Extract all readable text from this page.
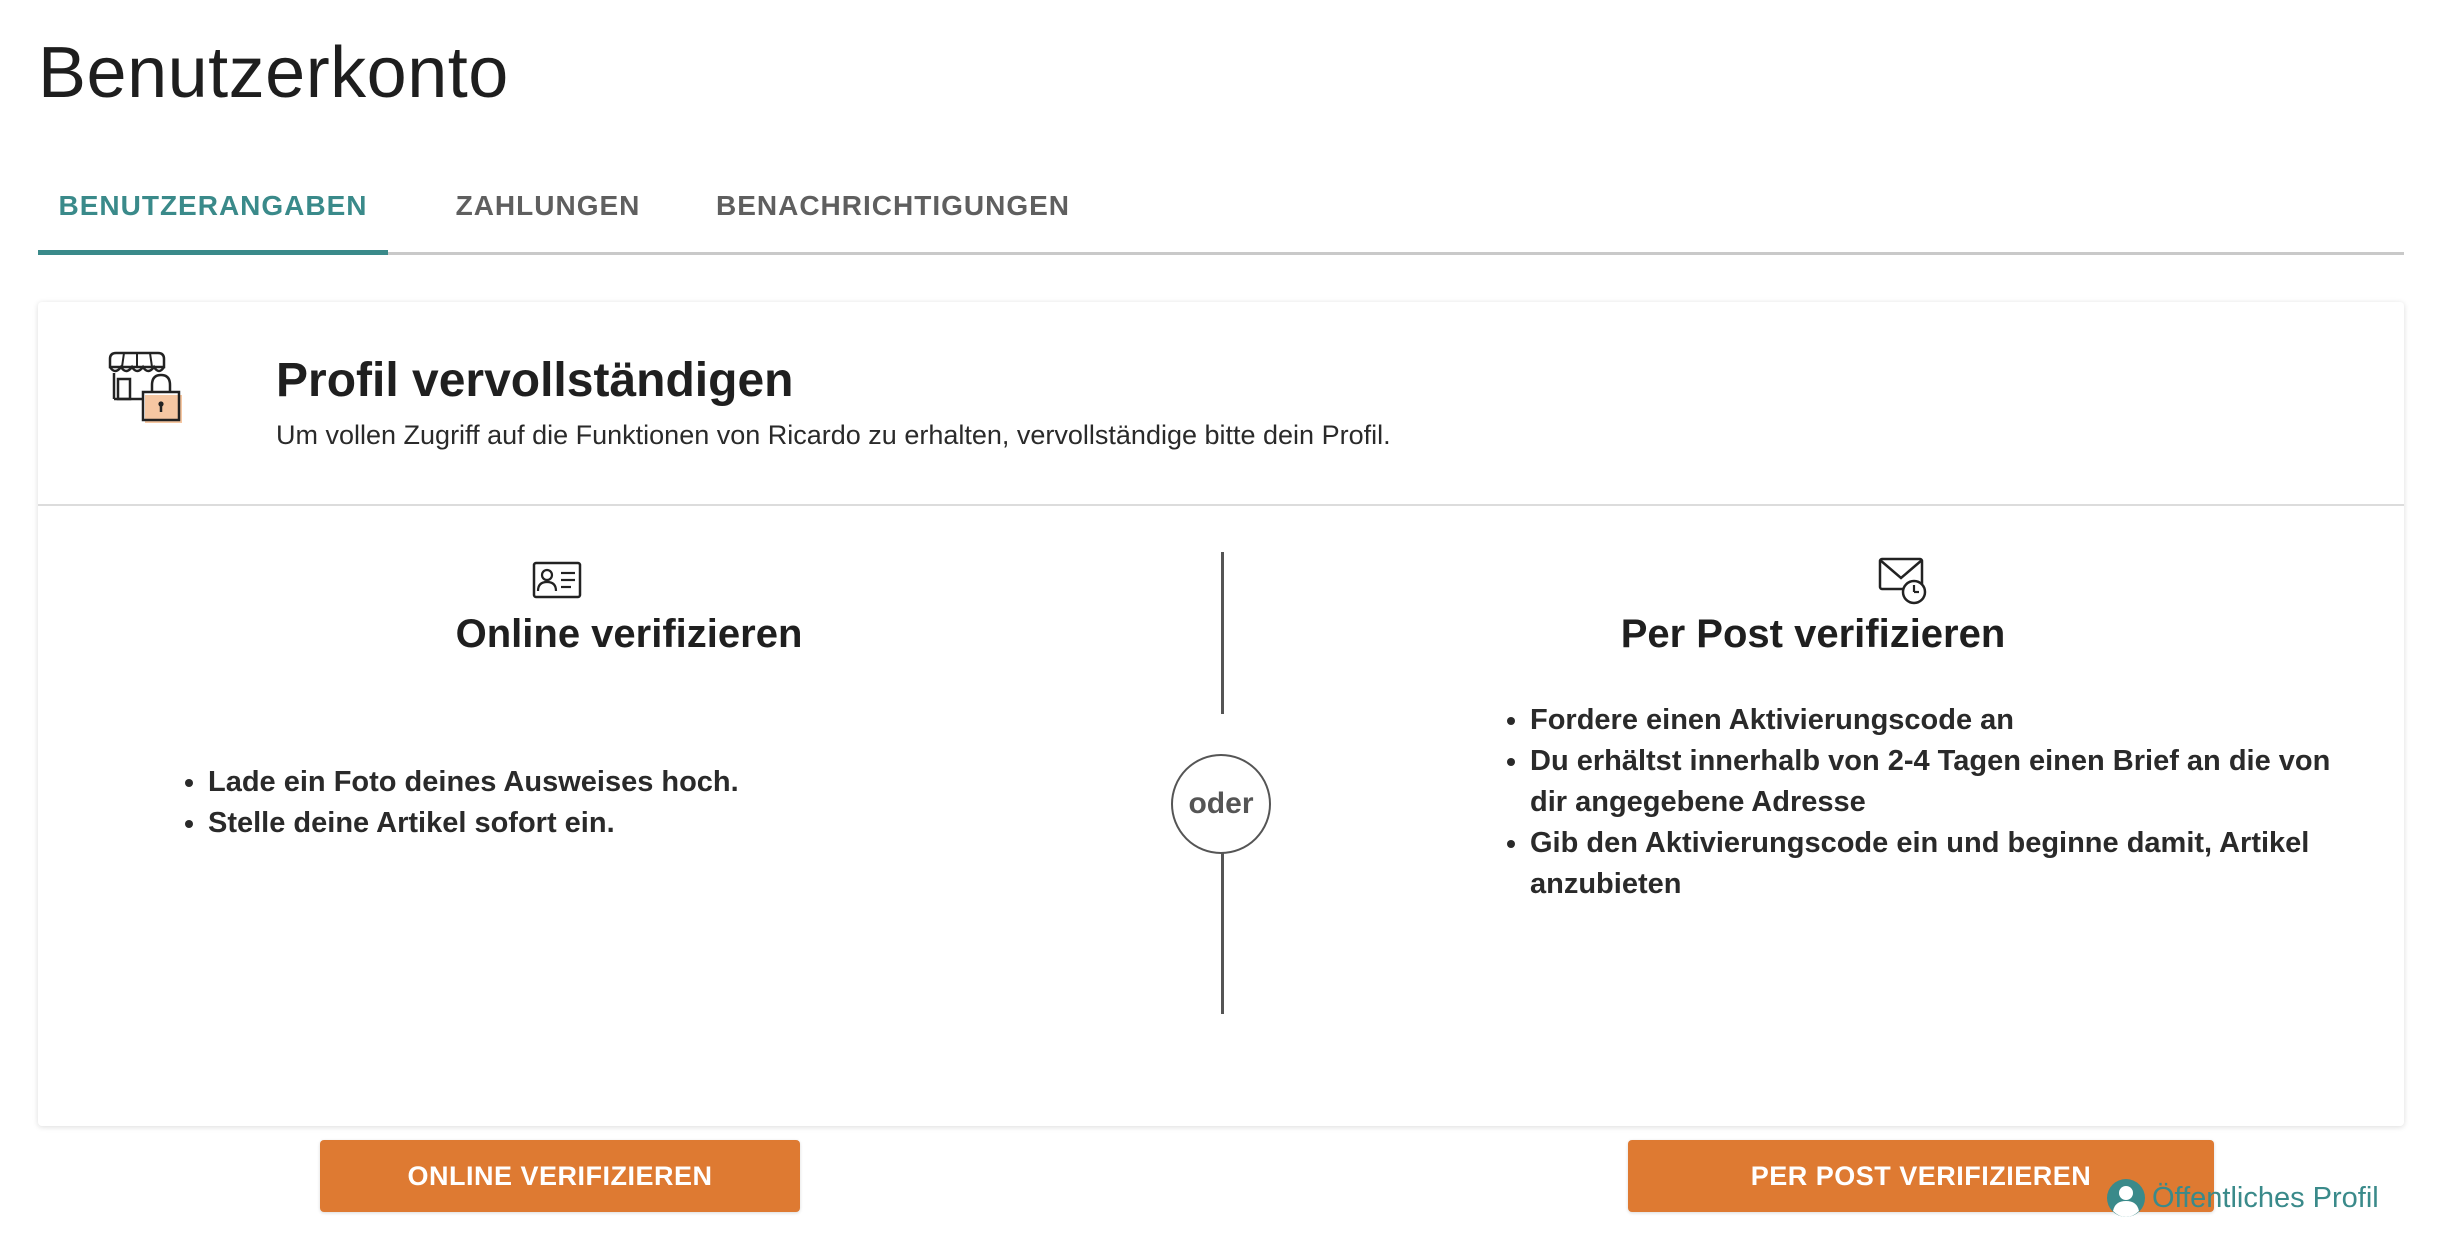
Benutzerkonto
BENUTZERANGABEN	ZAHLUNGEN	BENACHRICHTIGUNGEN
Profil vervollständigen
Um vollen Zugriff auf die Funktionen von Ricardo zu erhalten, vervollständige bitte dein Profil.
Online verifizieren
• Lade ein Foto deines Ausweises hoch.
• Stelle deine Artikel sofort ein.
ONLINE VERIFIZIEREN
oder
Per Post verifizieren
• Fordere einen Aktivierungscode an
• Du erhältst innerhalb von 2-4 Tagen einen Brief an die von dir angegebene Adresse
• Gib den Aktivierungscode ein und beginne damit, Artikel anzubieten
PER POST VERIFIZIEREN
Öffentliches Profil
